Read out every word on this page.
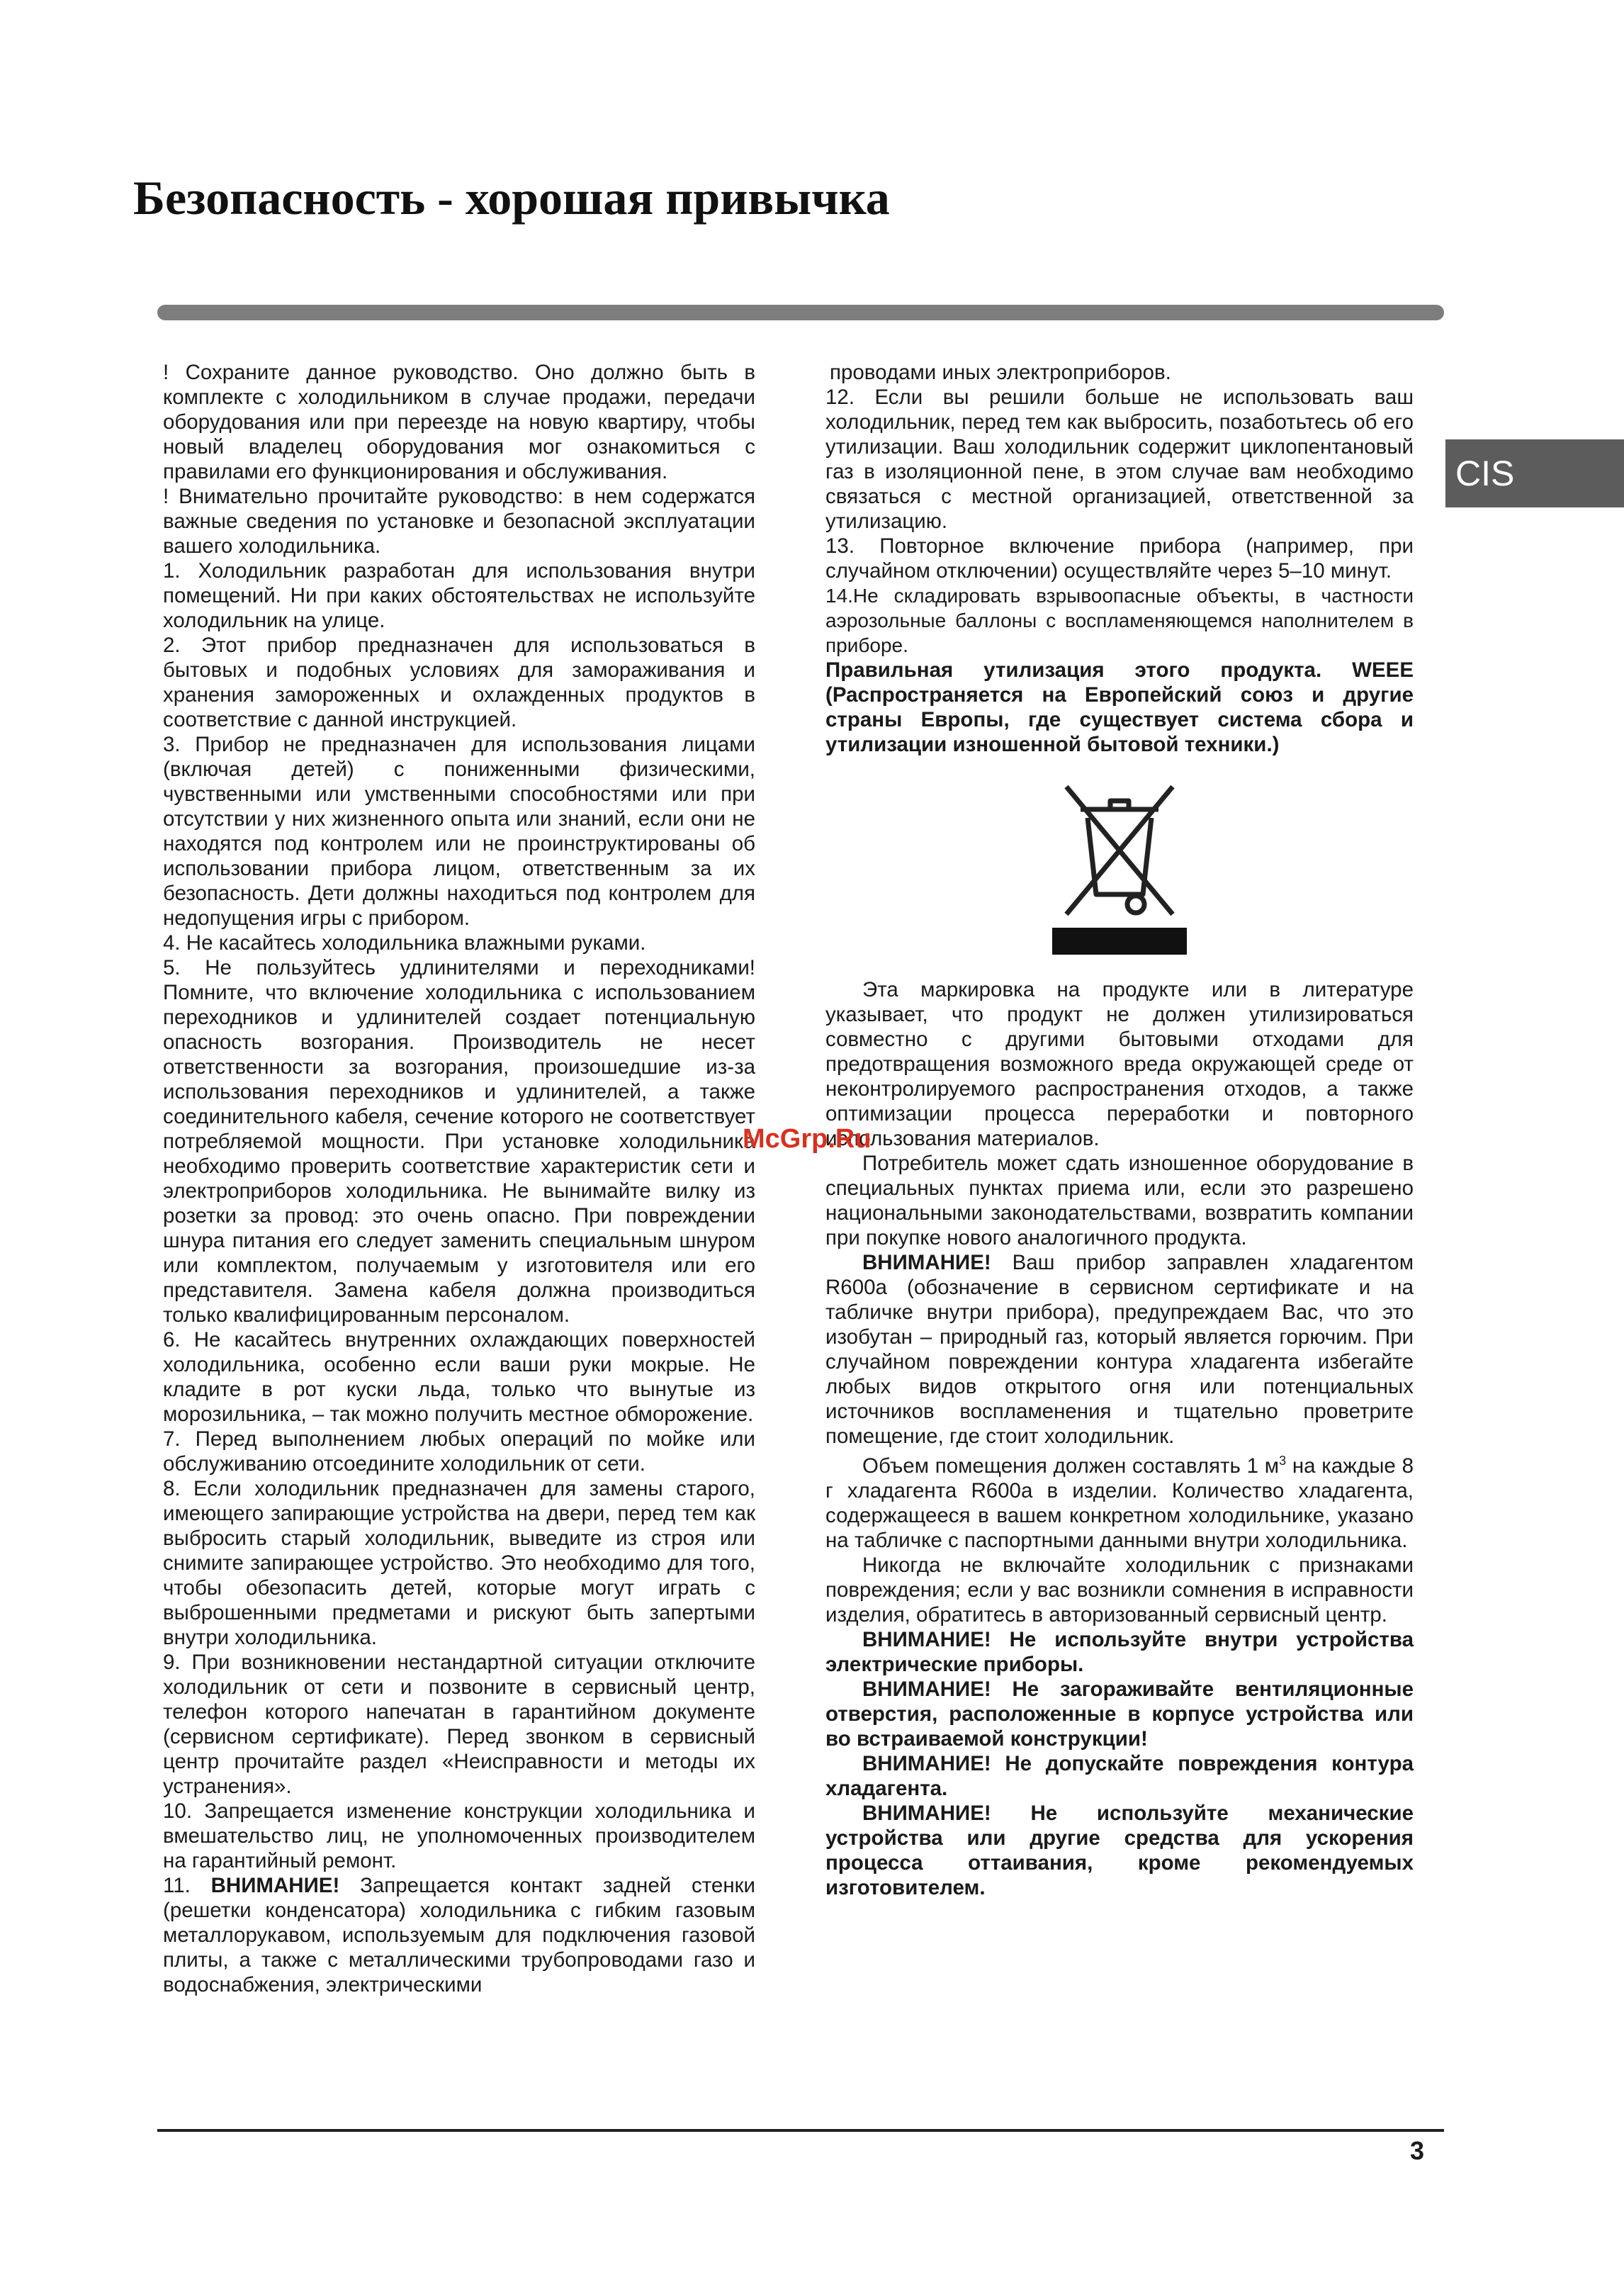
Безопасность - хорошая привычка
CIS

! Сохраните данное руководство. Оно должно быть в комплекте с холодильником в случае продажи, передачи оборудования или при переезде на новую квартиру, чтобы новый владелец оборудования мог ознакомиться с правилами его функционирования и обслуживания.

! Внимательно прочитайте руководство: в нем содержатся важные сведения по установке и безопасной эксплуатации вашего холодильника.

1. Холодильник разработан для использования внутри помещений. Ни при каких обстоятельствах не используйте холодильник на улице.

2. Этот прибор предназначен для использоваться в бытовых и подобных условиях для замораживания и хранения замороженных и охлажденных продуктов в соответствие с данной инструкцией.

3. Прибор не предназначен для использования лицами (включая детей) с пониженными физическими, чувственными или умственными способностями или при отсутствии у них жизненного опыта или знаний, если они не находятся под контролем или не проинструктированы об использовании прибора лицом, ответственным за их безопасность. Дети должны находиться под контролем для недопущения игры с прибором.

4. Не касайтесь холодильника влажными руками.

5. Не пользуйтесь удлинителями и переходниками! Помните, что включение холодильника с использованием переходников и удлинителей создает потенциальную опасность возгорания. Производитель не несет ответственности за возгорания, произошедшие из-за использования переходников и удлинителей, а также соединительного кабеля, сечение которого не соответствует потребляемой мощности. При установке холодильника необходимо проверить соответствие характеристик сети и электроприборов холодильника. Не вынимайте вилку из розетки за провод: это очень опасно. При повреждении шнура питания его следует заменить специальным шнуром или комплектом, получаемым у изготовителя или его представителя. Замена кабеля должна производиться только квалифицированным персоналом.

6. Не касайтесь внутренних охлаждающих поверхностей холодильника, особенно если ваши руки мокрые. Не кладите в рот куски льда, только что вынутые из морозильника, – так можно получить местное обморожение.

7. Перед выполнением любых операций по мойке или обслуживанию отсоедините холодильник от сети.

8. Если холодильник предназначен для замены старого, имеющего запирающие устройства на двери, перед тем как выбросить старый холодильник, выведите из строя или снимите запирающее устройство. Это необходимо для того, чтобы обезопасить детей, которые могут играть с выброшенными предметами и рискуют быть запертыми внутри холодильника.

9. При возникновении нестандартной ситуации отключите холодильник от сети и позвоните в сервисный центр, телефон которого напечатан в гарантийном документе (сервисном сертификате). Перед звонком в сервисный центр прочитайте раздел «Неисправности и методы их устранения».

10. Запрещается изменение конструкции холодильника и вмешательство лиц, не уполномоченных производителем на гарантийный ремонт.

11. ВНИМАНИЕ! Запрещается контакт задней стенки (решетки конденсатора) холодильника с гибким газовым металлорукавом, используемым для подключения газовой плиты, а также с металлическими трубопроводами газо и водоснабжения, электрическими

проводами иных электроприборов.

12. Если вы решили больше не использовать ваш холодильник, перед тем как выбросить, позаботьтесь об его утилизации. Ваш холодильник содержит циклопентановый газ в изоляционной пене, в этом случае вам необходимо связаться с местной организацией, ответственной за утилизацию.

13. Повторное включение прибора (например, при случайном отключении) осуществляйте через 5–10 минут.

14.Не складировать взрывоопасные объекты, в частности аэрозольные баллоны с воспламеняющемся наполнителем в приборе.

Правильная утилизация этого продукта. WEEE (Распространяется на Европейский союз и другие страны Европы, где существует система сбора и утилизации изношенной бытовой техники.)

Эта маркировка на продукте или в литературе указывает, что продукт не должен утилизироваться совместно с другими бытовыми отходами для предотвращения возможного вреда окружающей среде от неконтролируемого распространения отходов, а также оптимизации процесса переработки и повторного использования материалов.

Потребитель может сдать изношенное оборудование в специальных пунктах приема или, если это разрешено национальными законодательствами, возвратить компании при покупке нового аналогичного продукта.

ВНИМАНИЕ! Ваш прибор заправлен хладагентом R600a (обозначение в сервисном сертификате и на табличке внутри прибора), предупреждаем Вас, что это изобутан – природный газ, который является горючим. При случайном повреждении контура хладагента избегайте любых видов открытого огня или потенциальных источников воспламенения и тщательно проветрите помещение, где стоит холодильник.

Объем помещения должен составлять 1 $м^3$ на каждые 8 г хладагента R600a в изделии. Количество хладагента, содержащееся в вашем конкретном холодильнике, указано на табличке с паспортными данными внутри холодильника.

Никогда не включайте холодильник с признаками повреждения; если у вас возникли сомнения в исправности изделия, обратитесь в авторизованный сервисный центр.

ВНИМАНИЕ! Не используйте внутри устройства электрические приборы.

ВНИМАНИЕ! Не загораживайте вентиляционные отверстия, расположенные в корпусе устройства или во встраиваемой конструкции!

ВНИМАНИЕ! Не допускайте повреждения контура хладагента.

ВНИМАНИЕ! Не используйте механические устройства или другие средства для ускорения процесса оттаивания, кроме рекомендуемых изготовителем.

McGrp.Ru
3
